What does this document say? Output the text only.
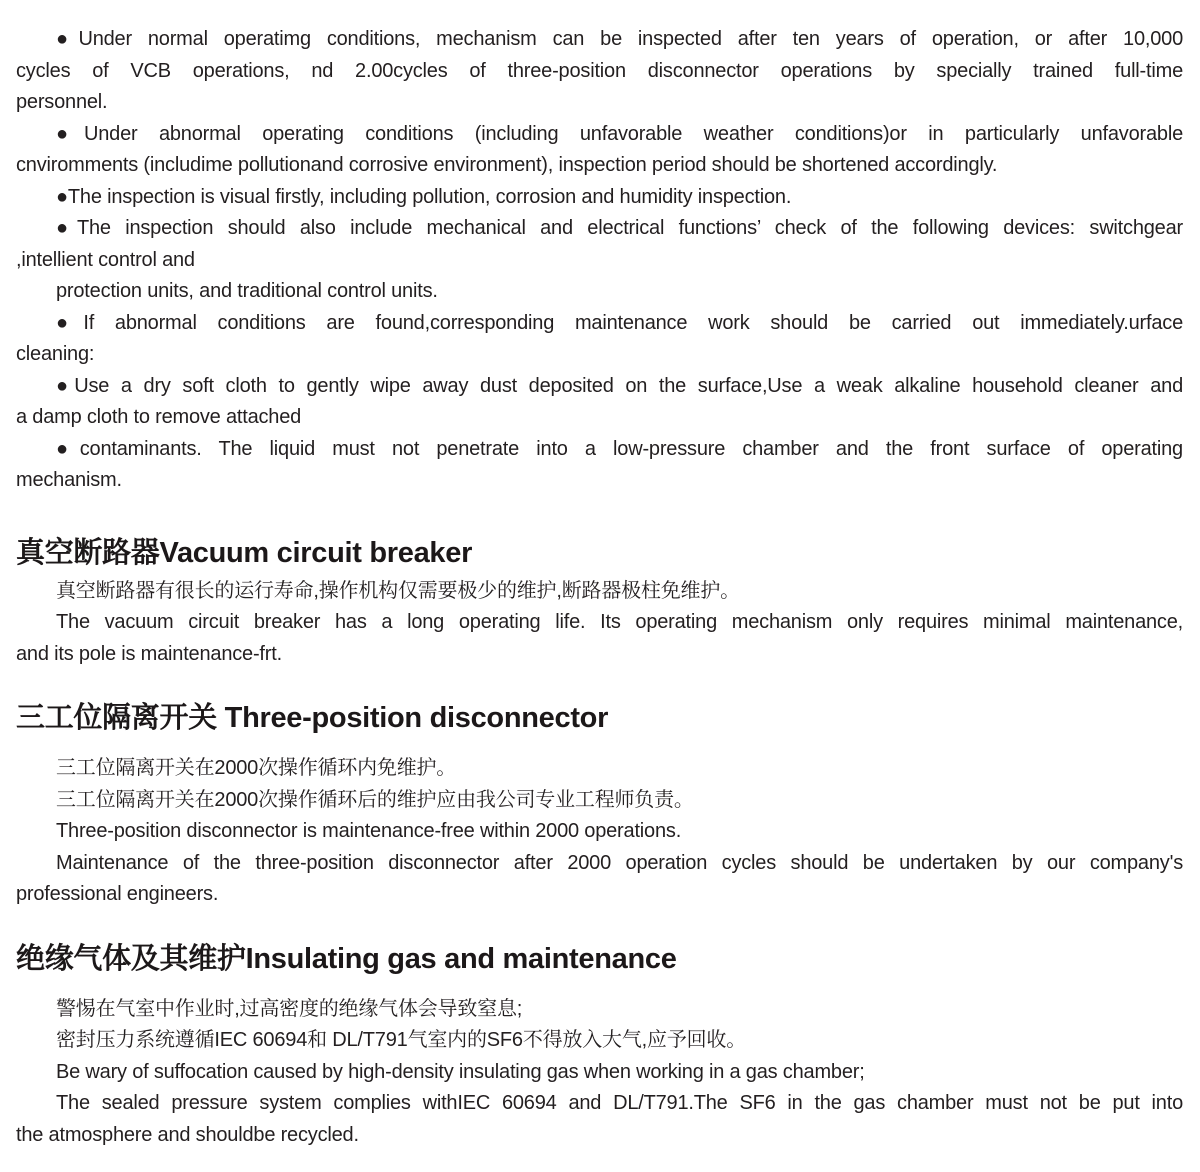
●Under normal operatimg conditions, mechanism can be inspected after ten years of operation, or after 10,000

cycles of VCB operations, nd 2.00cycles of three-position disconnector operations by specially trained full-time

personnel.

●Under abnormal operating conditions (including unfavorable weather conditions)or in particularly unfavorable

cnviromments (includime pollutionand corrosive environment), inspection period should be shortened accordingly.

●The inspection is visual firstly, including pollution, corrosion and humidity inspection.

●The inspection should also include mechanical and electrical functions’ check of the following devices: switchgear

,intellient control and

protection units, and traditional control units.

●If abnormal conditions are found,corresponding maintenance work should be carried out immediately.urface

cleaning:

●Use a dry soft cloth to gently wipe away dust deposited on the surface,Use a weak alkaline household cleaner and

a damp cloth to remove attached

●contaminants. The liquid must not penetrate into a low-pressure chamber and the front surface of operating

mechanism.

真空断路器Vacuum circuit breaker

真空断路器有很长的运行寿命,操作机构仅需要极少的维护,断路器极柱免维护。

The vacuum circuit breaker has a long operating life. Its operating mechanism only requires minimal maintenance,

and its pole is maintenance-frt.

三工位隔离开关 Three-position disconnector

三工位隔离开关在2000次操作循环内免维护。

三工位隔离开关在2000次操作循环后的维护应由我公司专业工程师负责。

Three-position disconnector is maintenance-free within 2000 operations.

Maintenance of the three-position disconnector after 2000 operation cycles should be undertaken by our company's

professional engineers.

绝缘气体及其维护Insulating gas and maintenance

警惕在气室中作业时,过高密度的绝缘气体会导致窒息;

密封压力系统遵循IEC 60694和 DL/T791气室内的SF6不得放入大气,应予回收。

Be wary of suffocation caused by high-density insulating gas when working in a gas chamber;

The sealed pressure system complies withIEC 60694 and DL/T791.The SF6 in the gas chamber must not be put into

the atmosphere and shouldbe recycled.
